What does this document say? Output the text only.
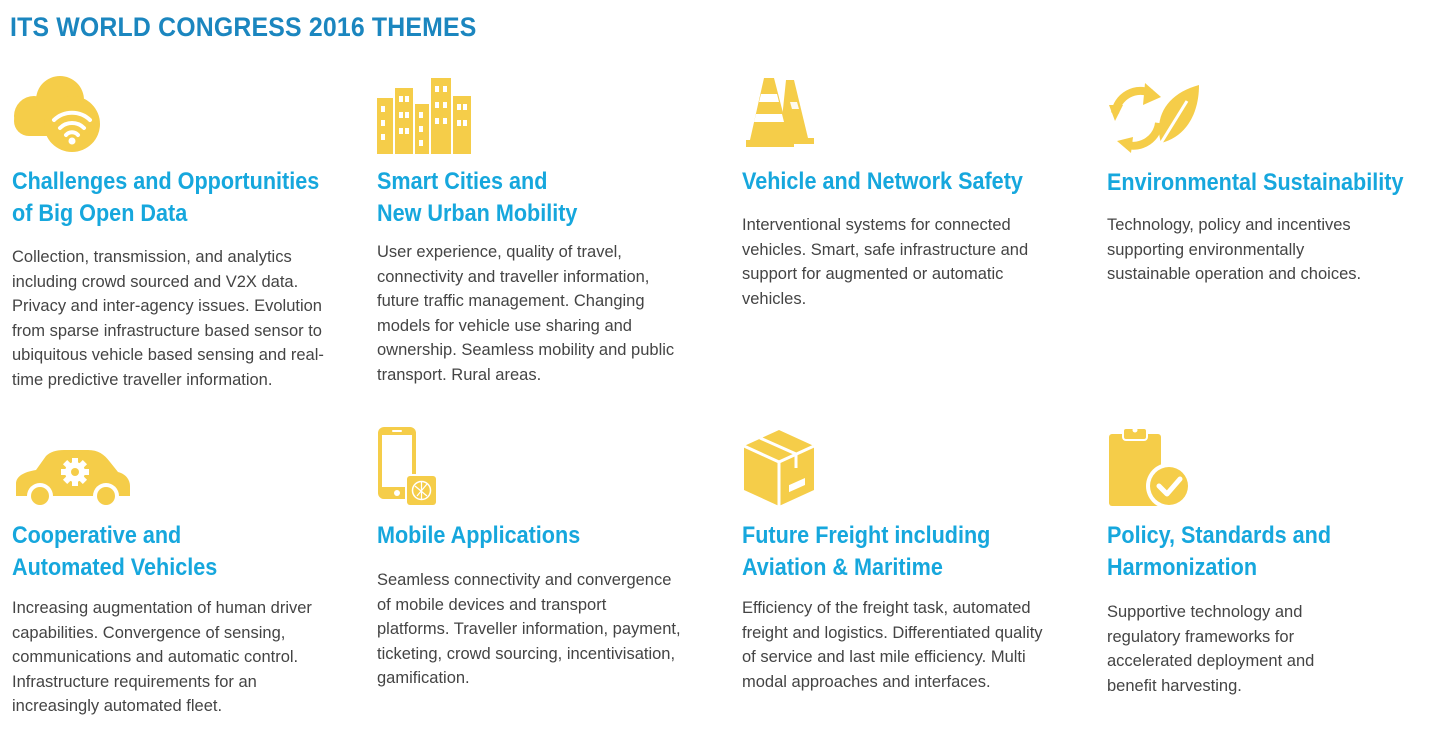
ITS WORLD CONGRESS 2016 THEMES
Challenges and Opportunities
of Big Open Data

Collection, transmission, and analytics
including crowd sourced and V2X data.
Privacy and inter-agency issues. Evolution
from sparse infrastructure based sensor to
ubiquitous vehicle based sensing and real-
time predictive traveller information.

Smart Cities and
New Urban Mobility

User experience, quality of travel,
connectivity and traveller information,
future traffic management. Changing
models for vehicle use sharing and
ownership. Seamless mobility and public
transport. Rural areas.

Vehicle and Network Safety

Interventional systems for connected
vehicles. Smart, safe infrastructure and
support for augmented or automatic
vehicles.

Environmental Sustainability

Technology, policy and incentives
supporting environmentally
sustainable operation and choices.

Cooperative and
Automated Vehicles

Increasing augmentation of human driver
capabilities. Convergence of sensing,
communications and automatic control.
Infrastructure requirements for an
increasingly automated fleet.

Mobile Applications

Seamless connectivity and convergence
of mobile devices and transport
platforms. Traveller information, payment,
ticketing, crowd sourcing, incentivisation,
gamification.

Future Freight including
Aviation & Maritime

Efficiency of the freight task, automated
freight and logistics. Differentiated quality
of service and last mile efficiency. Multi
modal approaches and interfaces.

Policy, Standards and
Harmonization

Supportive technology and
regulatory frameworks for
accelerated deployment and
benefit harvesting.
